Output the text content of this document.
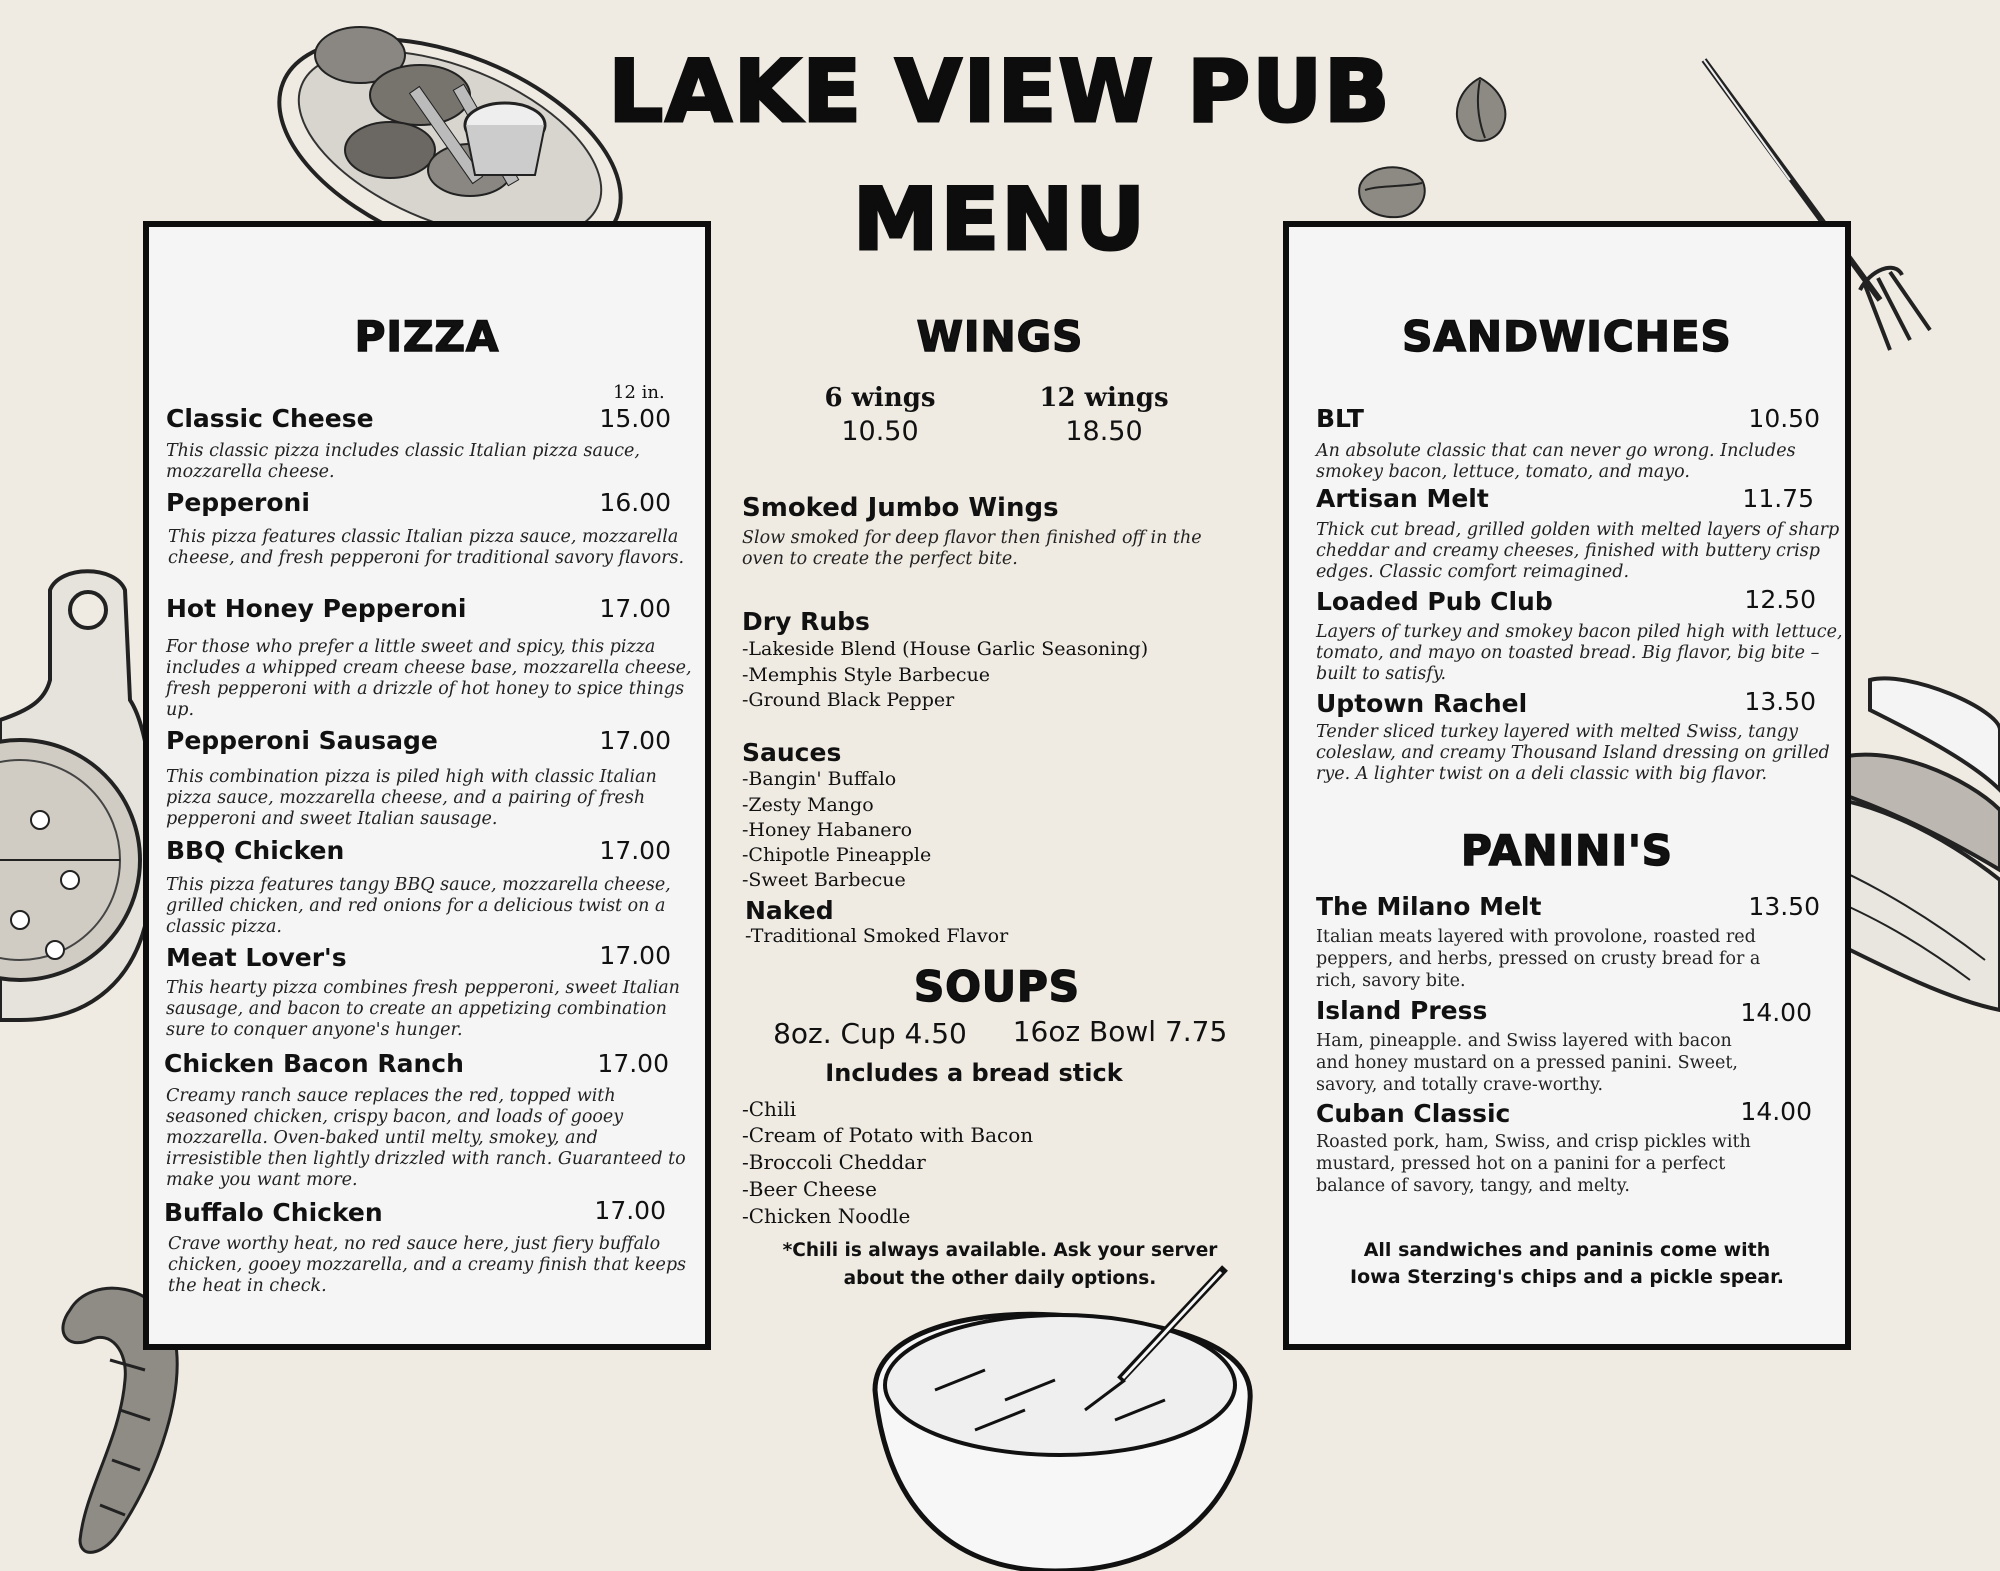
LAKE VIEW PUB
MENU
PIZZA
12 in.
Classic Cheese	15.00
This classic pizza includes classic Italian pizza sauce, mozzarella cheese.
Pepperoni	16.00
This pizza features classic Italian pizza sauce, mozzarella cheese, and fresh pepperoni for traditional savory flavors.
Hot Honey Pepperoni	17.00
For those who prefer a little sweet and spicy, this pizza includes a whipped cream cheese base, mozzarella cheese, fresh pepperoni with a drizzle of hot honey to spice things up.
Pepperoni Sausage	17.00
This combination pizza is piled high with classic Italian pizza sauce, mozzarella cheese, and a pairing of fresh pepperoni and sweet Italian sausage.
BBQ Chicken	17.00
This pizza features tangy BBQ sauce, mozzarella cheese, grilled chicken, and red onions for a delicious twist on a classic pizza.
Meat Lover's	17.00
This hearty pizza combines fresh pepperoni, sweet Italian sausage, and bacon to create an appetizing combination sure to conquer anyone's hunger.
Chicken Bacon Ranch	17.00
Creamy ranch sauce replaces the red, topped with seasoned chicken, crispy bacon, and loads of gooey mozzarella. Oven-baked until melty, smokey, and irresistible then lightly drizzled with ranch. Guaranteed to make you want more.
Buffalo Chicken	17.00
Crave worthy heat, no red sauce here, just fiery buffalo chicken, gooey mozzarella, and a creamy finish that keeps the heat in check.
WINGS
6 wings
10.50
12 wings
18.50
Smoked Jumbo Wings
Slow smoked for deep flavor then finished off in the oven to create the perfect bite.
Dry Rubs
-Lakeside Blend (House Garlic Seasoning)
-Memphis Style Barbecue
-Ground Black Pepper
Sauces
-Bangin' Buffalo
-Zesty Mango
-Honey Habanero
-Chipotle Pineapple
-Sweet Barbecue
Naked
-Traditional Smoked Flavor
SOUPS
8oz. Cup 4.50	16oz Bowl 7.75
Includes a bread stick
-Chili
-Cream of Potato with Bacon
-Broccoli Cheddar
-Beer Cheese
-Chicken Noodle
*Chili is always available. Ask your server
about the other daily options.
SANDWICHES
BLT	10.50
An absolute classic that can never go wrong. Includes smokey bacon, lettuce, tomato, and mayo.
Artisan Melt	11.75
Thick cut bread, grilled golden with melted layers of sharp cheddar and creamy cheeses, finished with buttery crisp edges. Classic comfort reimagined.
Loaded Pub Club	12.50
Layers of turkey and smokey bacon piled high with lettuce, tomato, and mayo on toasted bread. Big flavor, big bite – built to satisfy.
Uptown Rachel	13.50
Tender sliced turkey layered with melted Swiss, tangy coleslaw, and creamy Thousand Island dressing on grilled rye. A lighter twist on a deli classic with big flavor.
PANINI'S
The Milano Melt	13.50
Italian meats layered with provolone, roasted red peppers, and herbs, pressed on crusty bread for a rich, savory bite.
Island Press	14.00
Ham, pineapple. and Swiss layered with bacon and honey mustard on a pressed panini. Sweet, savory, and totally crave-worthy.
Cuban Classic	14.00
Roasted pork, ham, Swiss, and crisp pickles with mustard, pressed hot on a panini for a perfect balance of savory, tangy, and melty.
All sandwiches and paninis come with
Iowa Sterzing's chips and a pickle spear.
